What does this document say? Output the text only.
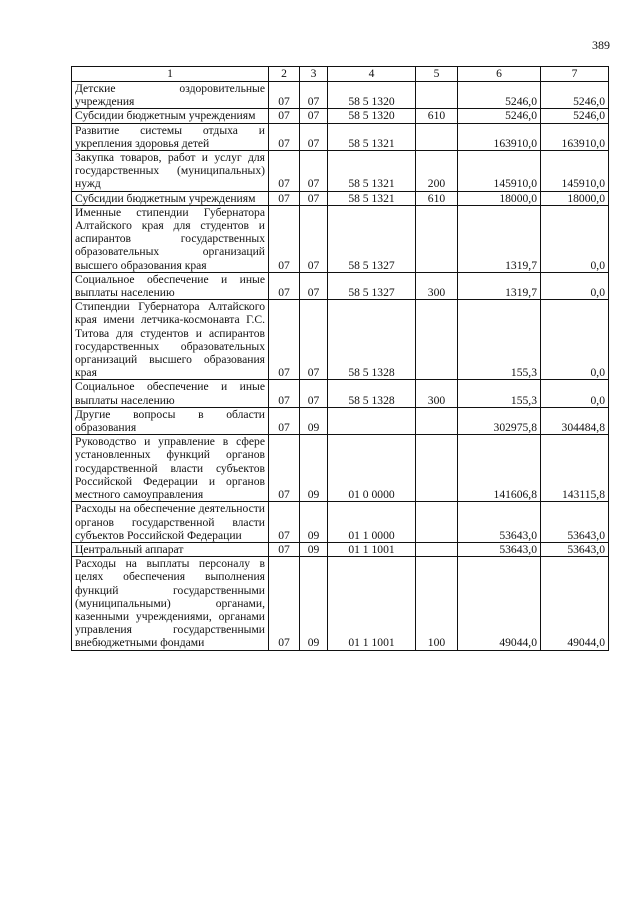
389
1	2	3	4	5	6	7
Детские оздоровительные учреждения	07	07	58 5 1320		5246,0	5246,0
Субсидии бюджетным учреждениям	07	07	58 5 1320	610	5246,0	5246,0
Развитие системы отдыха и укрепления здоровья детей	07	07	58 5 1321		163910,0	163910,0
Закупка товаров, работ и услуг для государственных (муниципальных) нужд	07	07	58 5 1321	200	145910,0	145910,0
Субсидии бюджетным учреждениям	07	07	58 5 1321	610	18000,0	18000,0
Именные стипендии Губернатора Алтайского края для студентов и аспирантов государственных образовательных организаций высшего образования края	07	07	58 5 1327		1319,7	0,0
Социальное обеспечение и иные выплаты населению	07	07	58 5 1327	300	1319,7	0,0
Стипендии Губернатора Алтайского края имени летчика-космонавта Г.С. Титова для студентов и аспирантов государственных образовательных организаций высшего образования края	07	07	58 5 1328		155,3	0,0
Социальное обеспечение и иные выплаты населению	07	07	58 5 1328	300	155,3	0,0
Другие вопросы в области образования	07	09			302975,8	304484,8
Руководство и управление в сфере установленных функций органов государственной власти субъектов Российской Федерации и органов местного самоуправления	07	09	01 0 0000		141606,8	143115,8
Расходы на обеспечение деятельности органов государственной власти субъектов Российской Федерации	07	09	01 1 0000		53643,0	53643,0
Центральный аппарат	07	09	01 1 1001		53643,0	53643,0
Расходы на выплаты персоналу в целях обеспечения выполнения функций государственными (муниципальными) органами, казенными учреждениями, органами управления государственными внебюджетными фондами	07	09	01 1 1001	100	49044,0	49044,0
